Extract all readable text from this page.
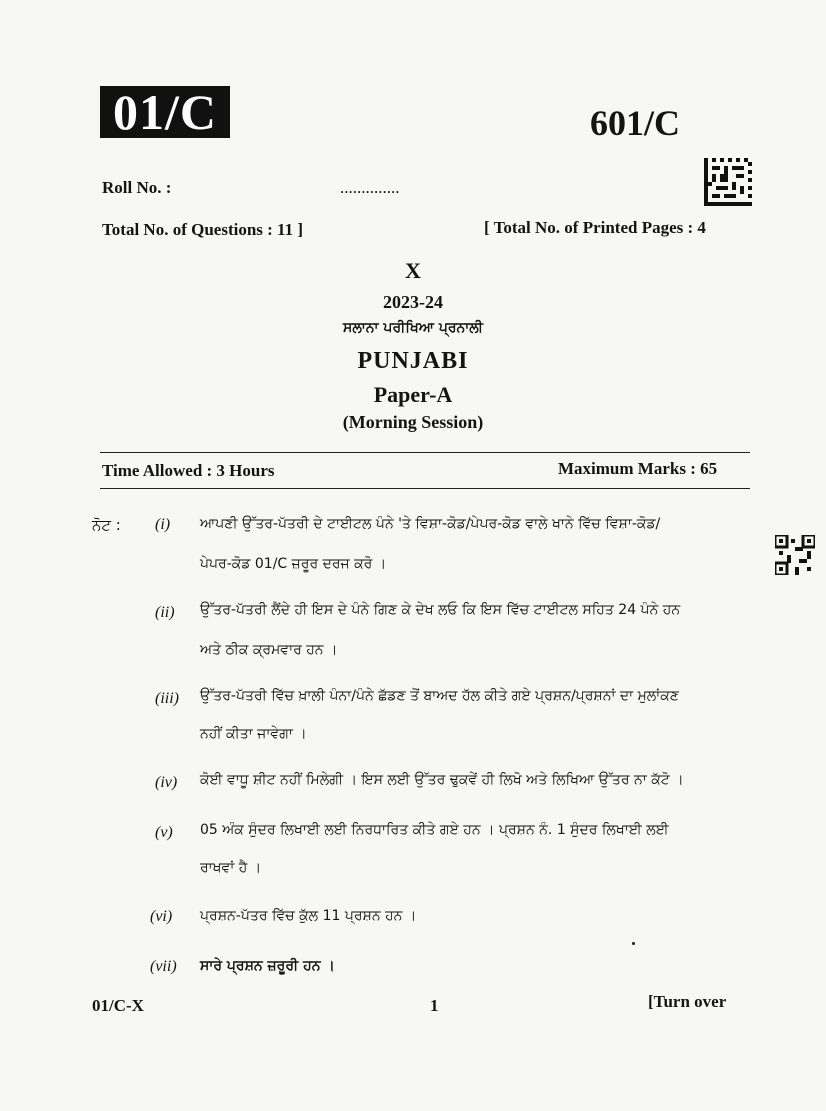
01/C	601/C
Roll No. :	..............
Total No. of Questions : 11 ]	[ Total No. of Printed Pages : 4
X
2023-24
ਸਲਾਨਾ ਪਰੀਖਿਆ ਪ੍ਰਨਾਲੀ
PUNJABI
Paper-A
(Morning Session)
Time Allowed : 3 Hours	Maximum Marks : 65
ਨੋਟ : (i) ਆਪਣੀ ਉੱਤਰ-ਪੱਤਰੀ ਦੇ ਟਾਈਟਲ ਪੰਨੇ 'ਤੇ ਵਿਸ਼ਾ-ਕੋਡ/ਪੇਪਰ-ਕੋਡ ਵਾਲੇ ਖਾਨੇ ਵਿੱਚ ਵਿਸ਼ਾ-ਕੋਡ/
ਪੇਪਰ-ਕੋਡ 01/C ਜ਼ਰੂਰ ਦਰਜ ਕਰੋ ।
(ii) ਉੱਤਰ-ਪੱਤਰੀ ਲੈਂਦੇ ਹੀ ਇਸ ਦੇ ਪੰਨੇ ਗਿਣ ਕੇ ਦੇਖ ਲਓ ਕਿ ਇਸ ਵਿੱਚ ਟਾਈਟਲ ਸਹਿਤ 24 ਪੰਨੇ ਹਨ
ਅਤੇ ਠੀਕ ਕ੍ਰਮਵਾਰ ਹਨ ।
(iii) ਉੱਤਰ-ਪੱਤਰੀ ਵਿੱਚ ਖ਼ਾਲੀ ਪੰਨਾ/ਪੰਨੇ ਛੱਡਣ ਤੋਂ ਬਾਅਦ ਹੱਲ ਕੀਤੇ ਗਏ ਪ੍ਰਸ਼ਨ/ਪ੍ਰਸ਼ਨਾਂ ਦਾ ਮੁਲਾਂਕਣ
ਨਹੀਂ ਕੀਤਾ ਜਾਵੇਗਾ ।
(iv) ਕੋਈ ਵਾਧੂ ਸ਼ੀਟ ਨਹੀਂ ਮਿਲੇਗੀ । ਇਸ ਲਈ ਉੱਤਰ ਢੁਕਵੇਂ ਹੀ ਲਿਖੋ ਅਤੇ ਲਿਖਿਆ ਉੱਤਰ ਨਾ ਕੱਟੋ ।
(v) 05 ਅੰਕ ਸੁੰਦਰ ਲਿਖਾਈ ਲਈ ਨਿਰਧਾਰਿਤ ਕੀਤੇ ਗਏ ਹਨ । ਪ੍ਰਸ਼ਨ ਨੰ. 1 ਸੁੰਦਰ ਲਿਖਾਈ ਲਈ
ਰਾਖਵਾਂ ਹੈ ।
(vi) ਪ੍ਰਸ਼ਨ-ਪੱਤਰ ਵਿੱਚ ਕੁੱਲ 11 ਪ੍ਰਸ਼ਨ ਹਨ ।
(vii) ਸਾਰੇ ਪ੍ਰਸ਼ਨ ਜ਼ਰੂਰੀ ਹਨ ।
01/C-X	1	[Turn over
